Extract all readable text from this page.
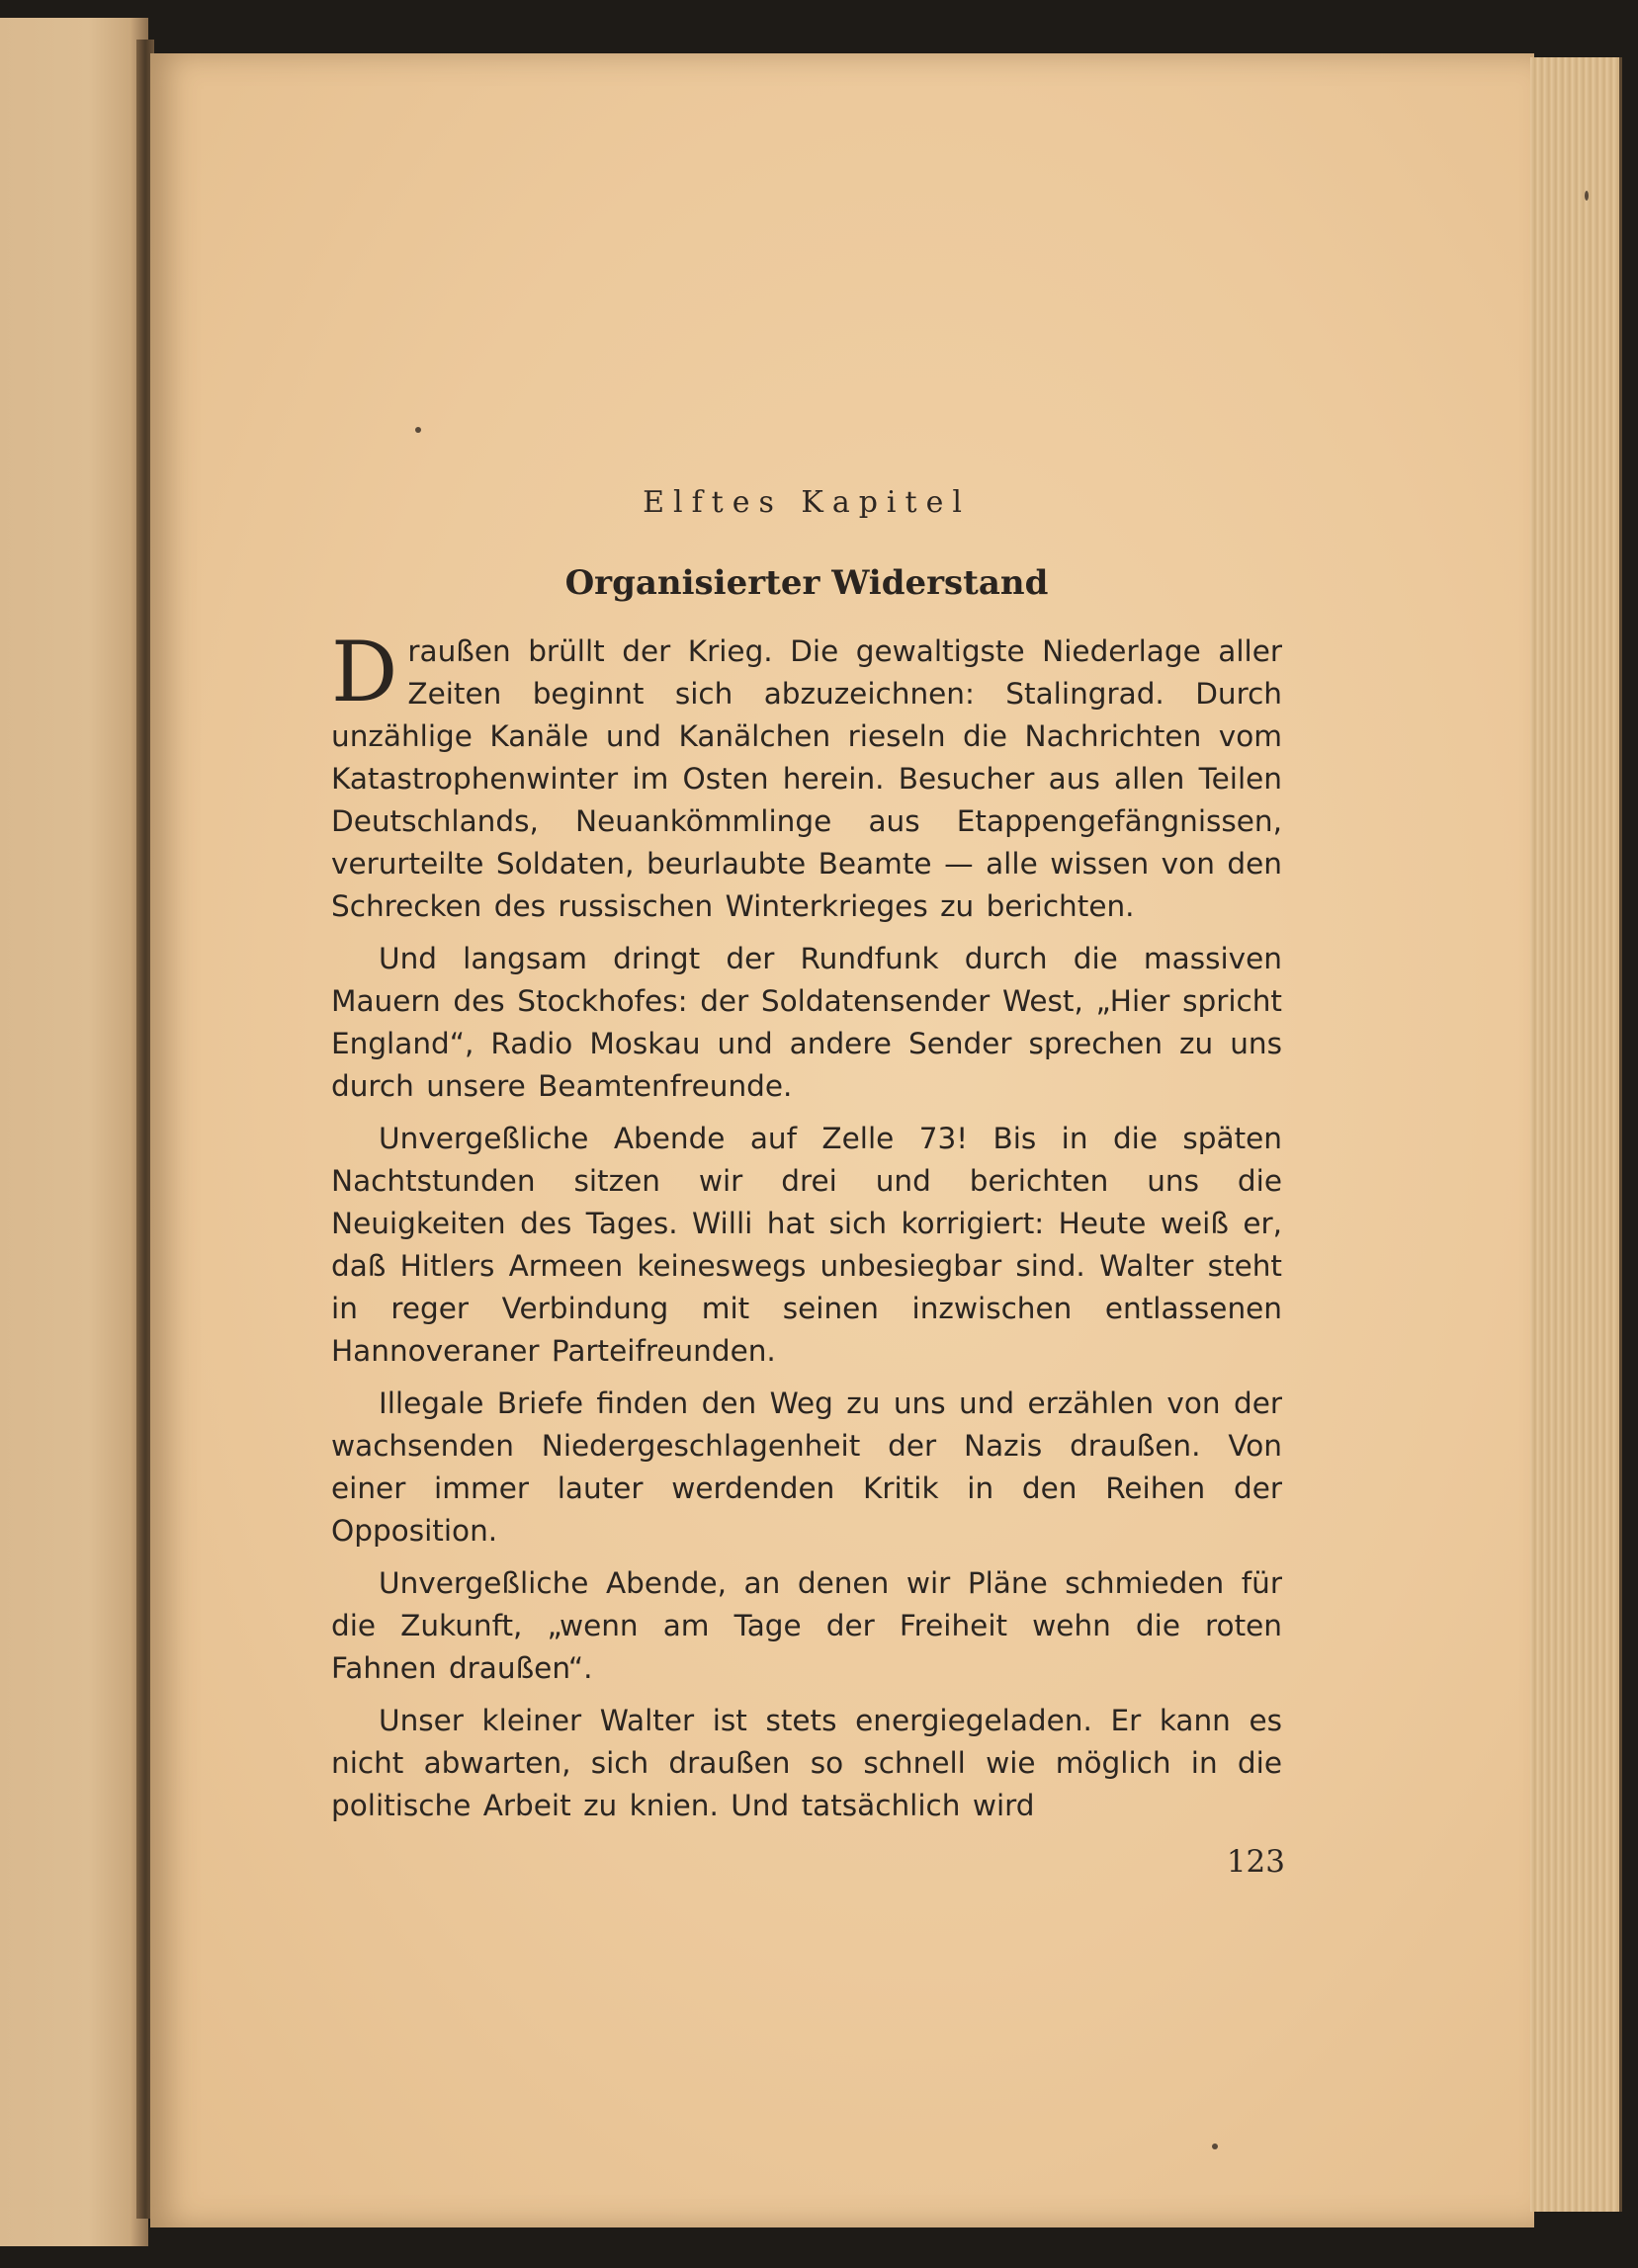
Elftes Kapitel
Organisierter Widerstand

Draußen brüllt der Krieg. Die gewaltigste Niederlage aller Zeiten beginnt sich abzuzeichnen: Stalingrad. Durch unzählige Kanäle und Kanälchen rieseln die Nachrichten vom Katastrophenwinter im Osten herein. Besucher aus allen Teilen Deutschlands, Neuankömmlinge aus Etappengefängnissen, verurteilte Soldaten, beurlaubte Beamte — alle wissen von den Schrecken des russischen Winterkrieges zu berichten.

Und langsam dringt der Rundfunk durch die massiven Mauern des Stockhofes: der Soldatensender West, „Hier spricht England“, Radio Moskau und andere Sender sprechen zu uns durch unsere Beamtenfreunde.

Unvergeßliche Abende auf Zelle 73! Bis in die späten Nachtstunden sitzen wir drei und berichten uns die Neuigkeiten des Tages. Willi hat sich korrigiert: Heute weiß er, daß Hitlers Armeen keineswegs unbesiegbar sind. Walter steht in reger Verbindung mit seinen inzwischen entlassenen Hannoveraner Parteifreunden.

Illegale Briefe finden den Weg zu uns und erzählen von der wachsenden Niedergeschlagenheit der Nazis draußen. Von einer immer lauter werdenden Kritik in den Reihen der Opposition.

Unvergeßliche Abende, an denen wir Pläne schmieden für die Zukunft, „wenn am Tage der Freiheit wehn die roten Fahnen draußen“.

Unser kleiner Walter ist stets energiegeladen. Er kann es nicht abwarten, sich draußen so schnell wie möglich in die politische Arbeit zu knien. Und tatsächlich wird

123
